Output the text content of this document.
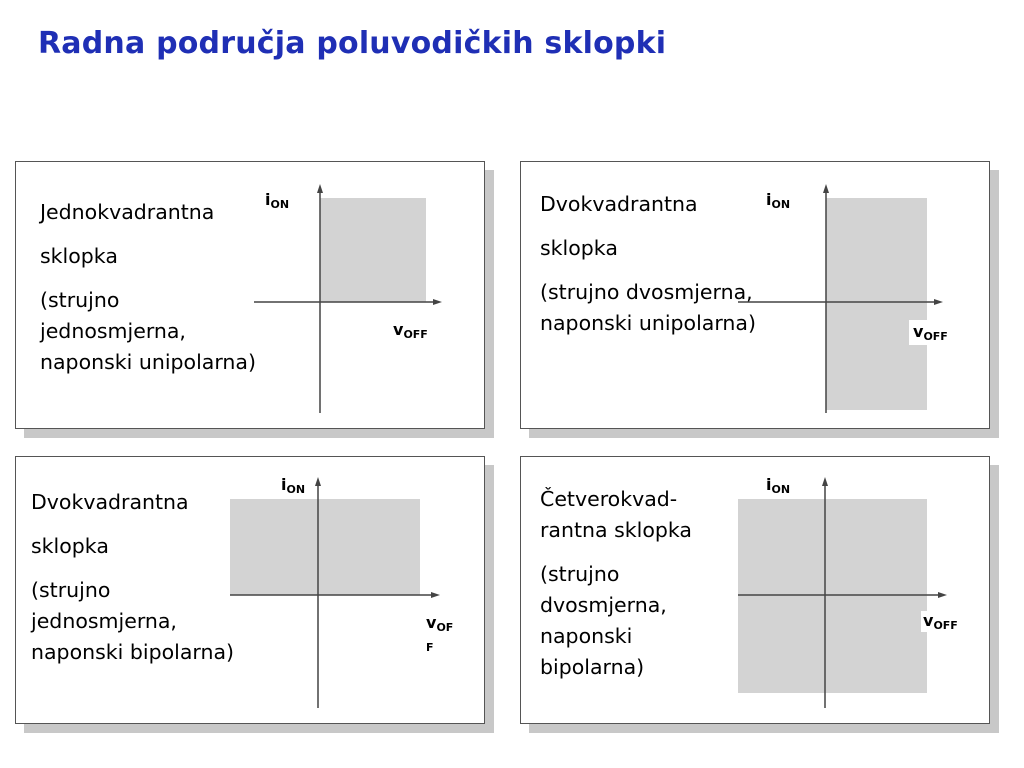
Radna područja poluvodičkih sklopki

Jednokvadrantna

sklopka

(strujno jednosmjerna, naponski unipolarna)

$i_{ON}$
$v_{OFF}$

Dvokvadrantna

sklopka

(strujno dvosmjerna, naponski unipolarna)

$i_{ON}$
$v_{OFF}$

Dvokvadrantna

sklopka

(strujno jednosmjerna, naponski bipolarna)

$i_{ON}$
$v_{OF}$
F

Četverokvad-rantna sklopka

(strujno dvosmjerna, naponski bipolarna)

$i_{ON}$
$v_{OFF}$
